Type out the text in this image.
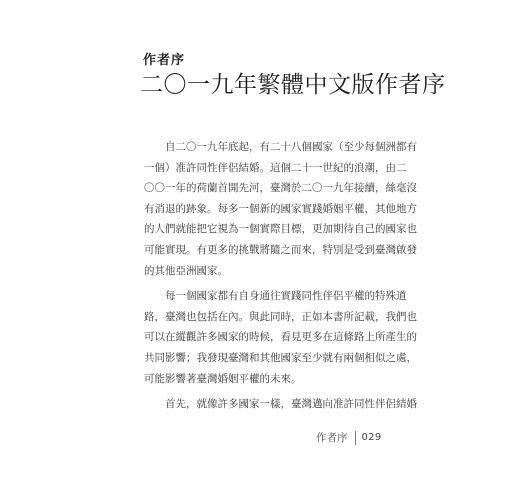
作者序
二〇一九年繁體中文版作者序
　　自二〇一九年底起，有二十八個國家（至少每個洲都有
一個）准許同性伴侶結婚。這個二十一世紀的浪潮，由二
〇〇一年的荷蘭首開先河，臺灣於二〇一九年接續，絲毫沒
有消退的跡象。每多一個新的國家實踐婚姻平權，其他地方
的人們就能把它視為一個實際目標，更加期待自己的國家也
可能實現。有更多的挑戰將隨之而來，特別是受到臺灣啟發
的其他亞洲國家。
　　每一個國家都有自身通往實踐同性伴侶平權的特殊道
路，臺灣也包括在內。與此同時，正如本書所記載，我們也
可以在縱觀許多國家的時候，看見更多在這條路上所產生的
共同影響；我發現臺灣和其他國家至少就有兩個相似之處，
可能影響著臺灣婚姻平權的未來。
　　首先，就像許多國家一樣，臺灣邁向准許同性伴侶結婚
作者序 029
